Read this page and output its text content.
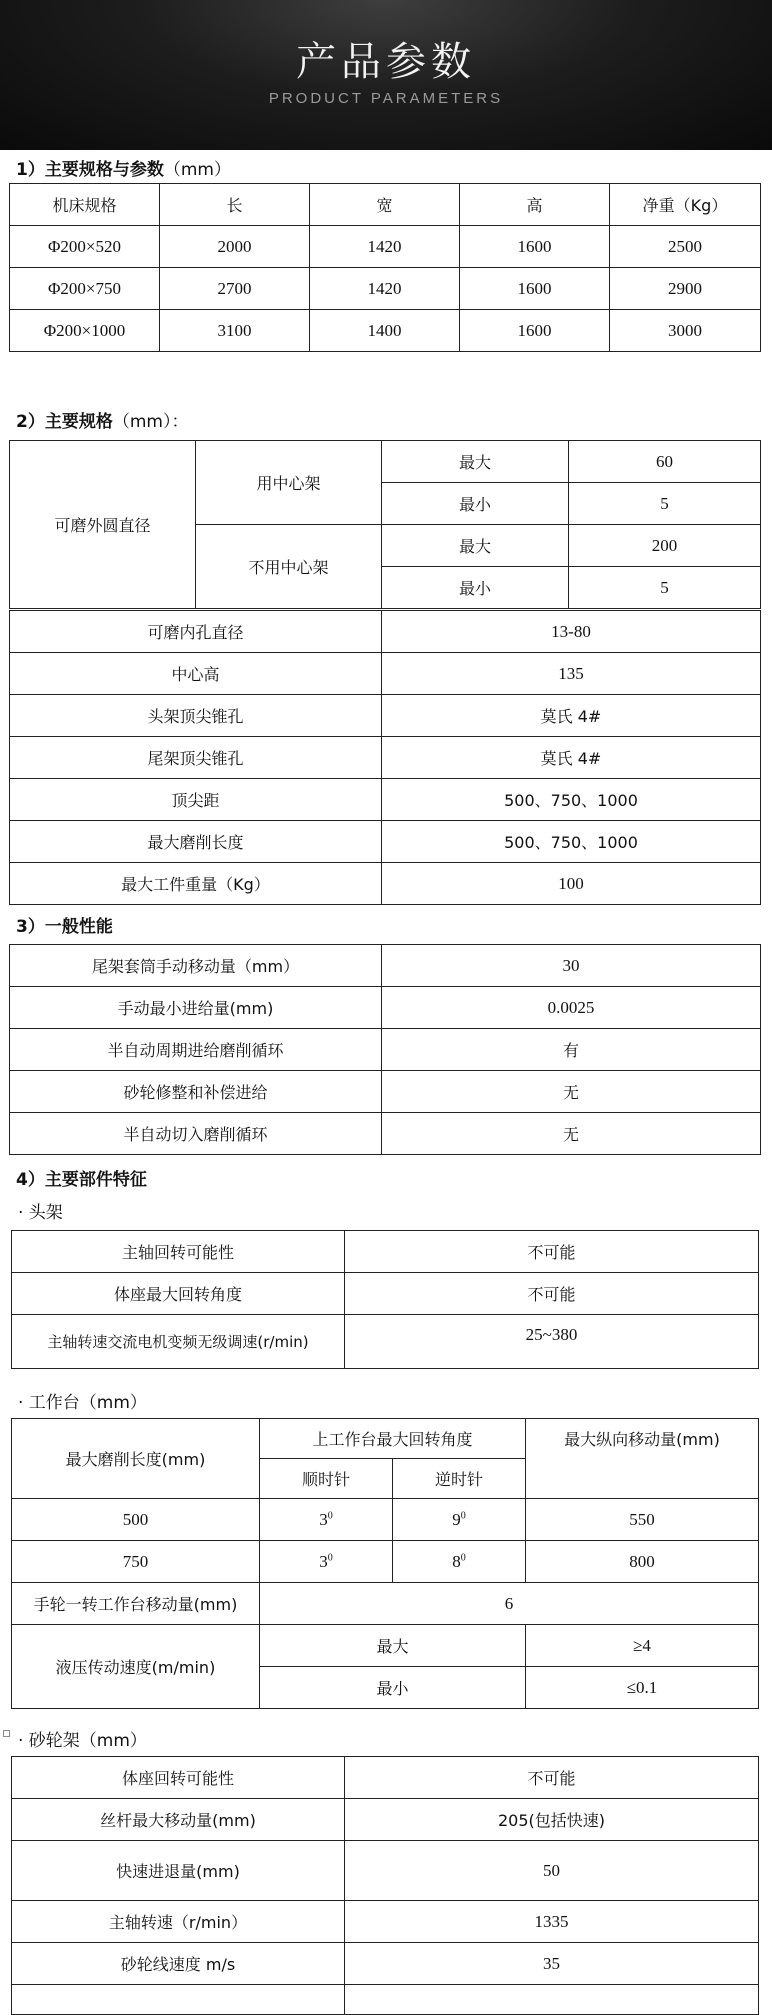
产品参数
PRODUCT PARAMETERS
1）主要规格与参数（mm）
机床规格	长	宽	高	净重（Kg）
Φ200×520	2000	1420	1600	2500
Φ200×750	2700	1420	1600	2900
Φ200×1000	3100	1400	1600	3000
2）主要规格（mm）：
可磨外圆直径	用中心架	最大	60
		最小	5
	不用中心架	最大	200
		最小	5
可磨内孔直径	13-80
中心高	135
头架顶尖锥孔	莫氏 4#
尾架顶尖锥孔	莫氏 4#
顶尖距	500、750、1000
最大磨削长度	500、750、1000
最大工件重量（Kg）	100
3）一般性能
尾架套筒手动移动量（mm）	30
手动最小进给量(mm)	0.0025
半自动周期进给磨削循环	有
砂轮修整和补偿进给	无
半自动切入磨削循环	无
4）主要部件特征
· 头架
主轴回转可能性	不可能
体座最大回转角度	不可能
主轴转速交流电机变频无级调速(r/min)	25~380
· 工作台（mm）
最大磨削长度(mm)	上工作台最大回转角度		最大纵向移动量(mm)
	顺时针	逆时针	
500	$3^0$	$9^0$	550
750	$3^0$	$8^0$	800
手轮一转工作台移动量(mm)	6		
液压传动速度(m/min)	最大		≥4
	最小		≤0.1
· 砂轮架（mm）
体座回转可能性	不可能
丝杆最大移动量(mm)	205(包括快速)
快速进退量(mm)	50
主轴转速（r/min）	1335
砂轮线速度 m/s	35
